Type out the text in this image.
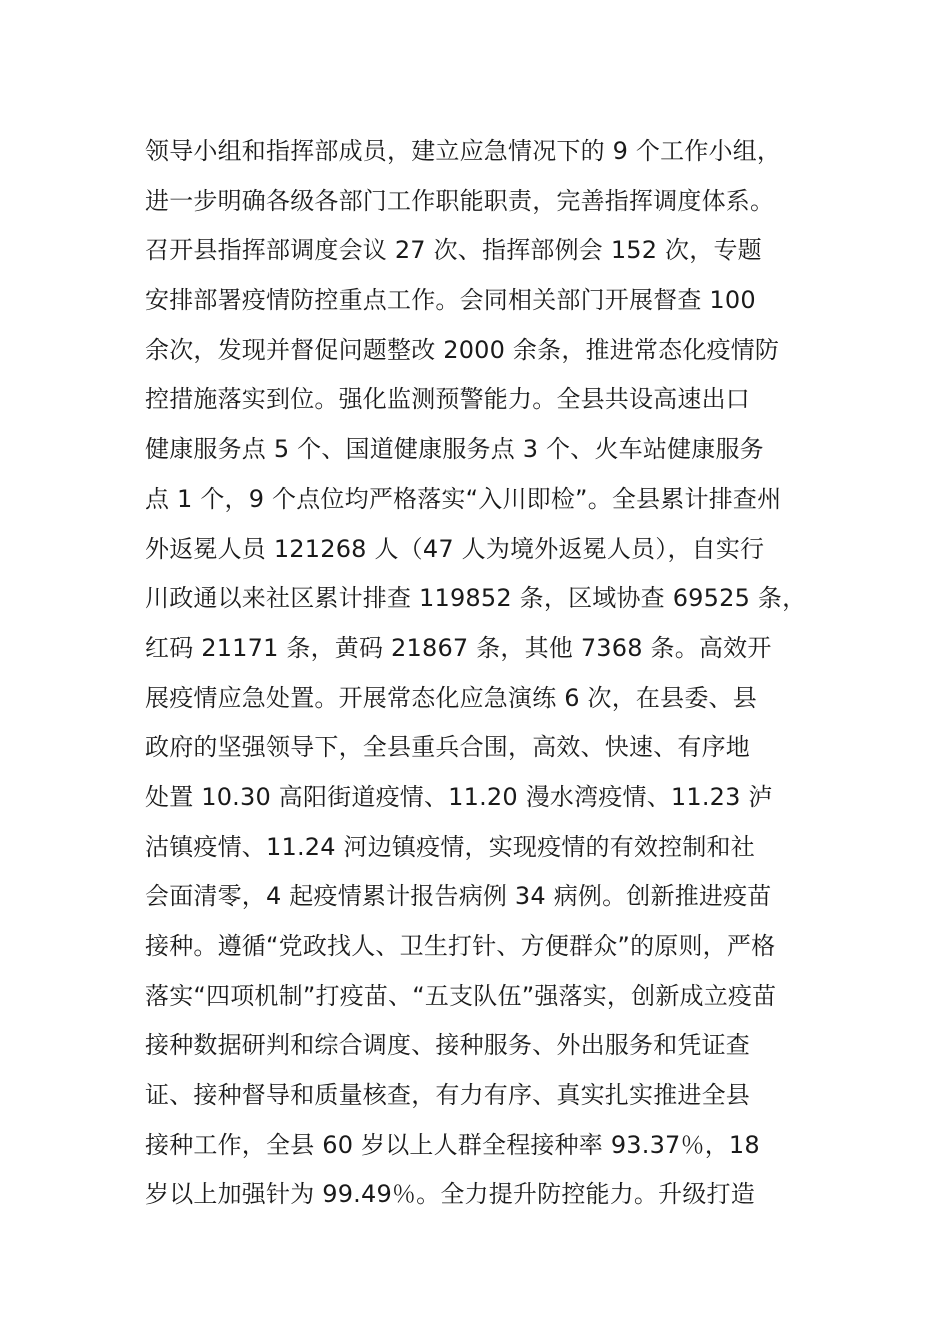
领导小组和指挥部成员，建立应急情况下的 9 个工作小组，
进一步明确各级各部门工作职能职责，完善指挥调度体系。
召开县指挥部调度会议 27 次、指挥部例会 152 次，专题
安排部署疫情防控重点工作。会同相关部门开展督查 100
余次，发现并督促问题整改 2000 余条，推进常态化疫情防
控措施落实到位。强化监测预警能力。全县共设高速出口
健康服务点 5 个、国道健康服务点 3 个、火车站健康服务
点 1 个，9 个点位均严格落实“入川即检”。全县累计排查州
外返冕人员 121268 人（47 人为境外返冕人员），自实行
川政通以来社区累计排查 119852 条，区域协查 69525 条，
红码 21171 条，黄码 21867 条，其他 7368 条。高效开
展疫情应急处置。开展常态化应急演练 6 次，在县委、县
政府的坚强领导下，全县重兵合围，高效、快速、有序地
处置 10.30 高阳街道疫情、11.20 漫水湾疫情、11.23 泸
沽镇疫情、11.24 河边镇疫情，实现疫情的有效控制和社
会面清零，4 起疫情累计报告病例 34 病例。创新推进疫苗
接种。遵循“党政找人、卫生打针、方便群众”的原则，严格
落实“四项机制”打疫苗、“五支队伍”强落实，创新成立疫苗
接种数据研判和综合调度、接种服务、外出服务和凭证查
证、接种督导和质量核查，有力有序、真实扎实推进全县
接种工作，全县 60 岁以上人群全程接种率 93.37％，18
岁以上加强针为 99.49％。全力提升防控能力。升级打造
